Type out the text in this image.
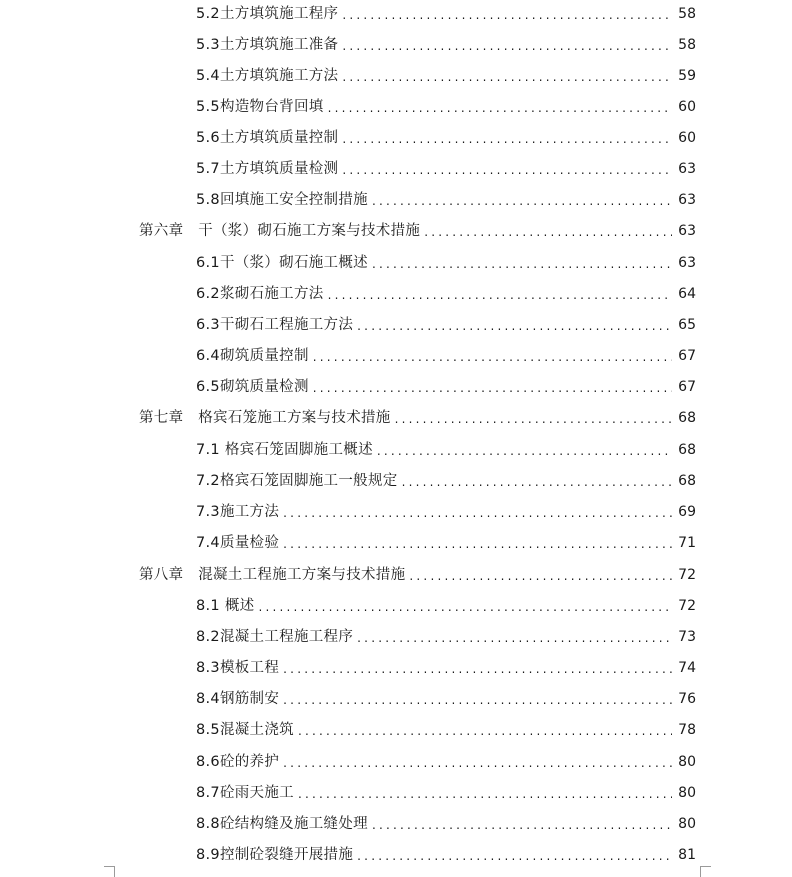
5.2土方填筑施工程序 .....	58
5.3土方填筑施工准备 .....	58
5.4土方填筑施工方法 .....	59
5.5构造物台背回填 .....	60
5.6土方填筑质量控制 .....	60
5.7土方填筑质量检测 .....	63
5.8回填施工安全控制措施 .....	63
第六章　干（浆）砌石施工方案与技术措施 .....	63
6.1干（浆）砌石施工概述 .....	63
6.2浆砌石施工方法 .....	64
6.3干砌石工程施工方法 .....	65
6.4砌筑质量控制 .....	67
6.5砌筑质量检测 .....	67
第七章　格宾石笼施工方案与技术措施 .....	68
7.1 格宾石笼固脚施工概述 .....	68
7.2格宾石笼固脚施工一般规定 .....	68
7.3施工方法 .....	69
7.4质量检验 .....	71
第八章　混凝土工程施工方案与技术措施 .....	72
8.1 概述 .....	72
8.2混凝土工程施工程序 .....	73
8.3模板工程 .....	74
8.4钢筋制安 .....	76
8.5混凝土浇筑 .....	78
8.6砼的养护 .....	80
8.7砼雨天施工 .....	80
8.8砼结构缝及施工缝处理 .....	80
8.9控制砼裂缝开展措施 .....	81
